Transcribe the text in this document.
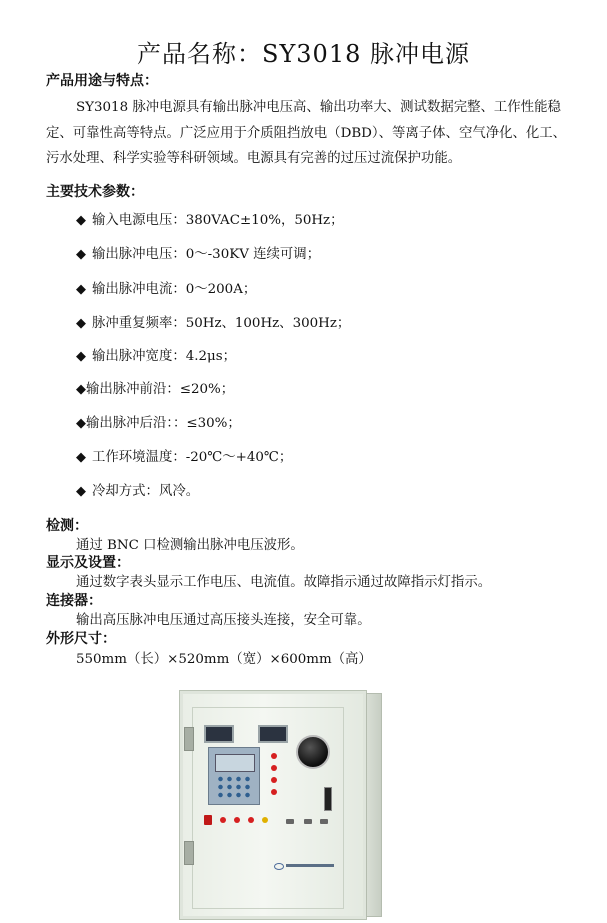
产品名称：SY3018 脉冲电源
产品用途与特点：
SY3018 脉冲电源具有输出脉冲电压高、输出功率大、测试数据完整、工作性能稳
定、可靠性高等特点。广泛应用于介质阻挡放电（DBD）、等离子体、空气净化、化工、
污水处理、科学实验等科研领域。电源具有完善的过压过流保护功能。
主要技术参数：
◆ 输入电源电压：380VAC±10%，50Hz；
◆ 输出脉冲电压：0～-30KV 连续可调；
◆ 输出脉冲电流：0～200A；
◆ 脉冲重复频率：50Hz、100Hz、300Hz；
◆ 输出脉冲宽度：4.2μs；
◆输出脉冲前沿：≤20%；
◆输出脉冲后沿：：≤30%；
◆ 工作环境温度：-20℃～+40℃；
◆ 冷却方式：风冷。
检测：
通过 BNC 口检测输出脉冲电压波形。
显示及设置：
通过数字表头显示工作电压、电流值。故障指示通过故障指示灯指示。
连接器：
输出高压脉冲电压通过高压接头连接，安全可靠。
外形尺寸：
550mm（长）×520mm（宽）×600mm（高）
